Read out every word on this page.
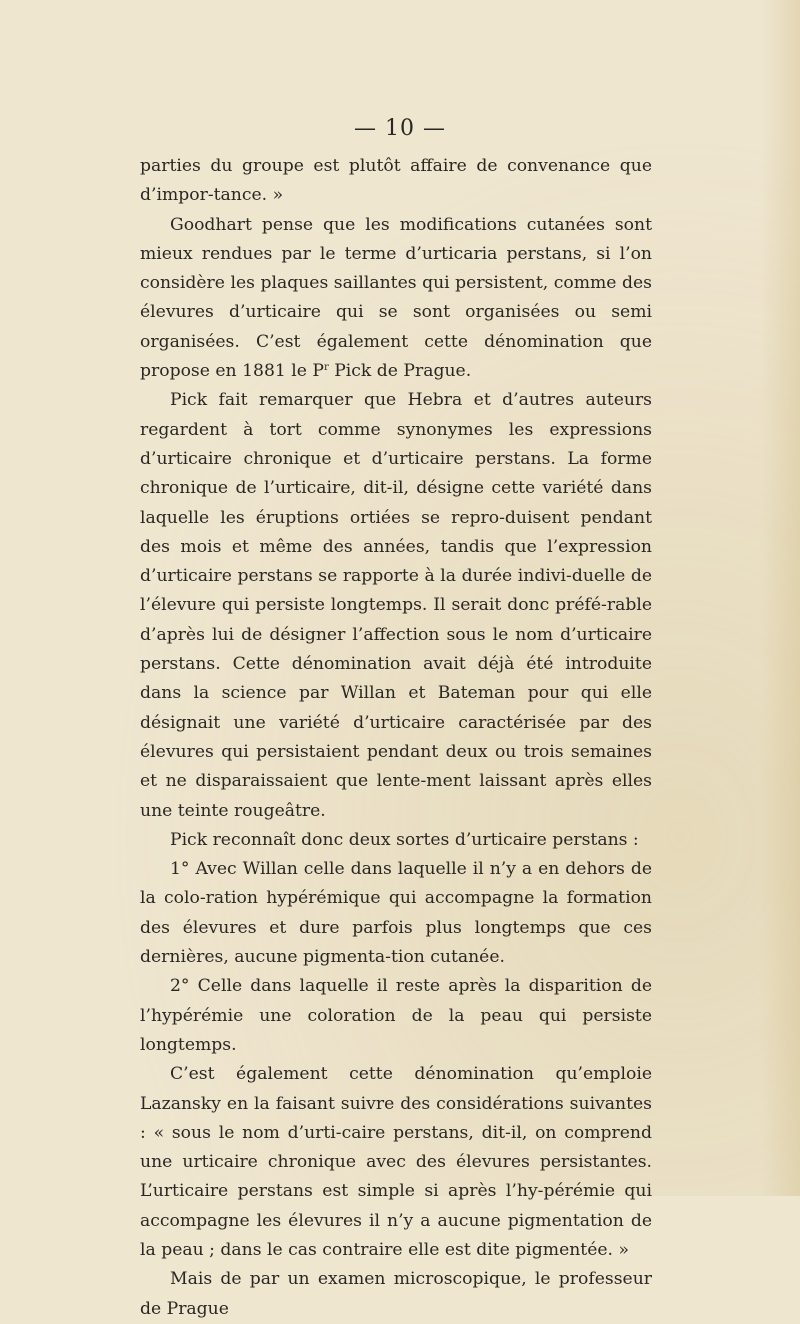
— 10 —

parties du groupe est plutôt affaire de convenance que d’impor-tance. »

Goodhart pense que les modifications cutanées sont mieux rendues par le terme d’urticaria perstans, si l’on considère les plaques saillantes qui persistent, comme des élevures d’urticaire qui se sont organisées ou semi organisées. C’est également cette dénomination que propose en 1881 le $P^r$ Pick de Prague.

Pick fait remarquer que Hebra et d’autres auteurs regardent à tort comme synonymes les expressions d’urticaire chronique et d’urticaire perstans. La forme chronique de l’urticaire, dit-il, désigne cette variété dans laquelle les éruptions ortiées se repro-duisent pendant des mois et même des années, tandis que l’expression d’urticaire perstans se rapporte à la durée indivi-duelle de l’élevure qui persiste longtemps. Il serait donc préfé-rable d’après lui de désigner l’affection sous le nom d’urticaire perstans. Cette dénomination avait déjà été introduite dans la science par Willan et Bateman pour qui elle désignait une variété d’urticaire caractérisée par des élevures qui persistaient pendant deux ou trois semaines et ne disparaissaient que lente-ment laissant après elles une teinte rougeâtre.

Pick reconnaît donc deux sortes d’urticaire perstans :

1° Avec Willan celle dans laquelle il n’y a en dehors de la colo-ration hypérémique qui accompagne la formation des élevures et dure parfois plus longtemps que ces dernières, aucune pigmenta-tion cutanée.

2° Celle dans laquelle il reste après la disparition de l’hypérémie une coloration de la peau qui persiste longtemps.

C’est également cette dénomination qu’emploie Lazansky en la faisant suivre des considérations suivantes : « sous le nom d’urti-caire perstans, dit-il, on comprend une urticaire chronique avec des élevures persistantes. L’urticaire perstans est simple si après l’hy-pérémie qui accompagne les élevures il n’y a aucune pigmentation de la peau ; dans le cas contraire elle est dite pigmentée. »

Mais de par un examen microscopique, le professeur de Prague
